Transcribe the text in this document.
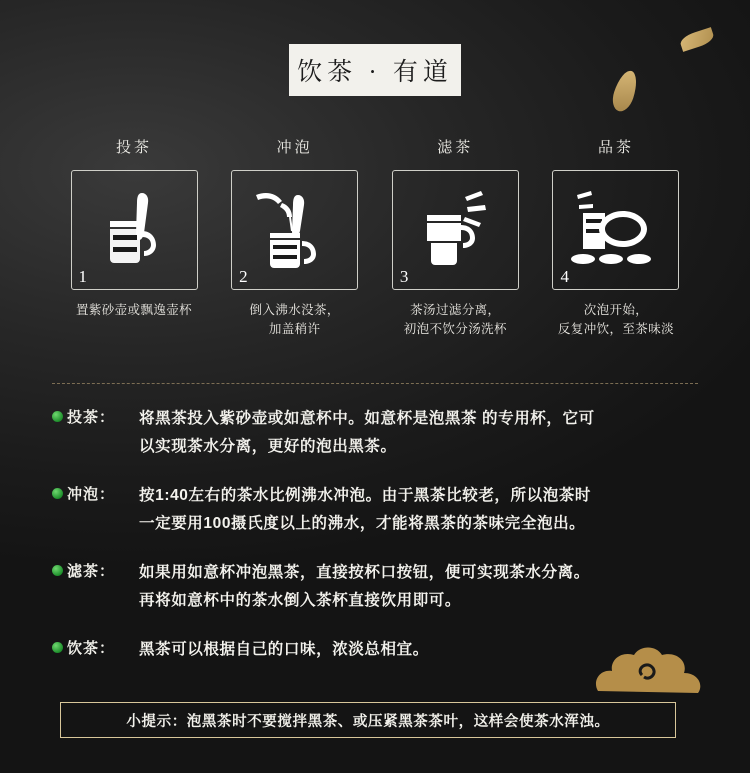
饮茶 · 有道
投茶
1
置紫砂壶或飘逸壶杯
冲泡
2
倒入沸水没茶，
加盖稍许
滤茶
3
茶汤过滤分离，
初泡不饮分汤洗杯
品茶
4
次泡开始，
反复冲饮，至茶味淡
投茶：	将黑茶投入紫砂壶或如意杯中。如意杯是泡黑茶 的专用杯，它可
以实现茶水分离，更好的泡出黑茶。
冲泡：	按1:40左右的茶水比例沸水冲泡。由于黑茶比较老，所以泡茶时
一定要用100摄氏度以上的沸水，才能将黑茶的茶味完全泡出。
滤茶：	如果用如意杯冲泡黑茶，直接按杯口按钮，便可实现茶水分离。
再将如意杯中的茶水倒入茶杯直接饮用即可。
饮茶：	黑茶可以根据自己的口味，浓淡总相宜。
小提示：泡黑茶时不要搅拌黑茶、或压紧黑茶茶叶，这样会使茶水浑浊。
